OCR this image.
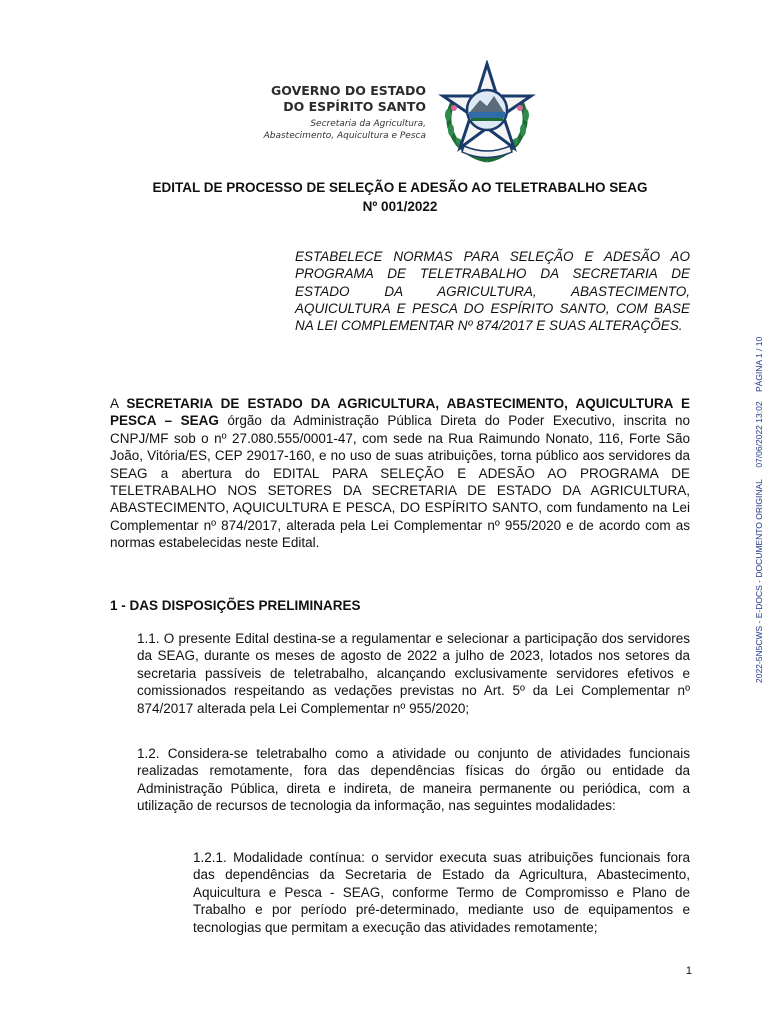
GOVERNO DO ESTADO
DO ESPÍRITO SANTO
Secretaria da Agricultura,
Abastecimento, Aquicultura e Pesca
EDITAL DE PROCESSO DE SELEÇÃO E ADESÃO AO TELETRABALHO SEAG
Nº 001/2022
ESTABELECE NORMAS PARA SELEÇÃO E ADESÃO AO PROGRAMA DE TELETRABALHO DA SECRETARIA DE ESTADO DA AGRICULTURA, ABASTECIMENTO, AQUICULTURA E PESCA DO ESPÍRITO SANTO, COM BASE NA LEI COMPLEMENTAR Nº 874/2017 E SUAS ALTERAÇÕES.
A SECRETARIA DE ESTADO DA AGRICULTURA, ABASTECIMENTO, AQUICULTURA E PESCA – SEAG órgão da Administração Pública Direta do Poder Executivo, inscrita no CNPJ/MF sob o nº 27.080.555/0001-47, com sede na Rua Raimundo Nonato, 116, Forte São João, Vitória/ES, CEP 29017-160, e no uso de suas atribuições, torna público aos servidores da SEAG a abertura do EDITAL PARA SELEÇÃO E ADESÃO AO PROGRAMA DE TELETRABALHO NOS SETORES DA SECRETARIA DE ESTADO DA AGRICULTURA, ABASTECIMENTO, AQUICULTURA E PESCA, DO ESPÍRITO SANTO, com fundamento na Lei Complementar nº 874/2017, alterada pela Lei Complementar nº 955/2020 e de acordo com as normas estabelecidas neste Edital.
1 - DAS DISPOSIÇÕES PRELIMINARES
1.1. O presente Edital destina-se a regulamentar e selecionar a participação dos servidores da SEAG, durante os meses de agosto de 2022 a julho de 2023, lotados nos setores da secretaria passíveis de teletrabalho, alcançando exclusivamente servidores efetivos e comissionados respeitando as vedações previstas no Art. 5º da Lei Complementar nº 874/2017 alterada pela Lei Complementar nº 955/2020;
1.2. Considera-se teletrabalho como a atividade ou conjunto de atividades funcionais realizadas remotamente, fora das dependências físicas do órgão ou entidade da Administração Pública, direta e indireta, de maneira permanente ou periódica, com a utilização de recursos de tecnologia da informação, nas seguintes modalidades:
1.2.1. Modalidade contínua: o servidor executa suas atribuições funcionais fora das dependências da Secretaria de Estado da Agricultura, Abastecimento, Aquicultura e Pesca - SEAG, conforme Termo de Compromisso e Plano de Trabalho e por período pré-determinado, mediante uso de equipamentos e tecnologias que permitam a execução das atividades remotamente;
1
2022-5N5CWS - E-DOCS - DOCUMENTO ORIGINAL     07/06/2022 13:02    PÁGINA 1 / 10
